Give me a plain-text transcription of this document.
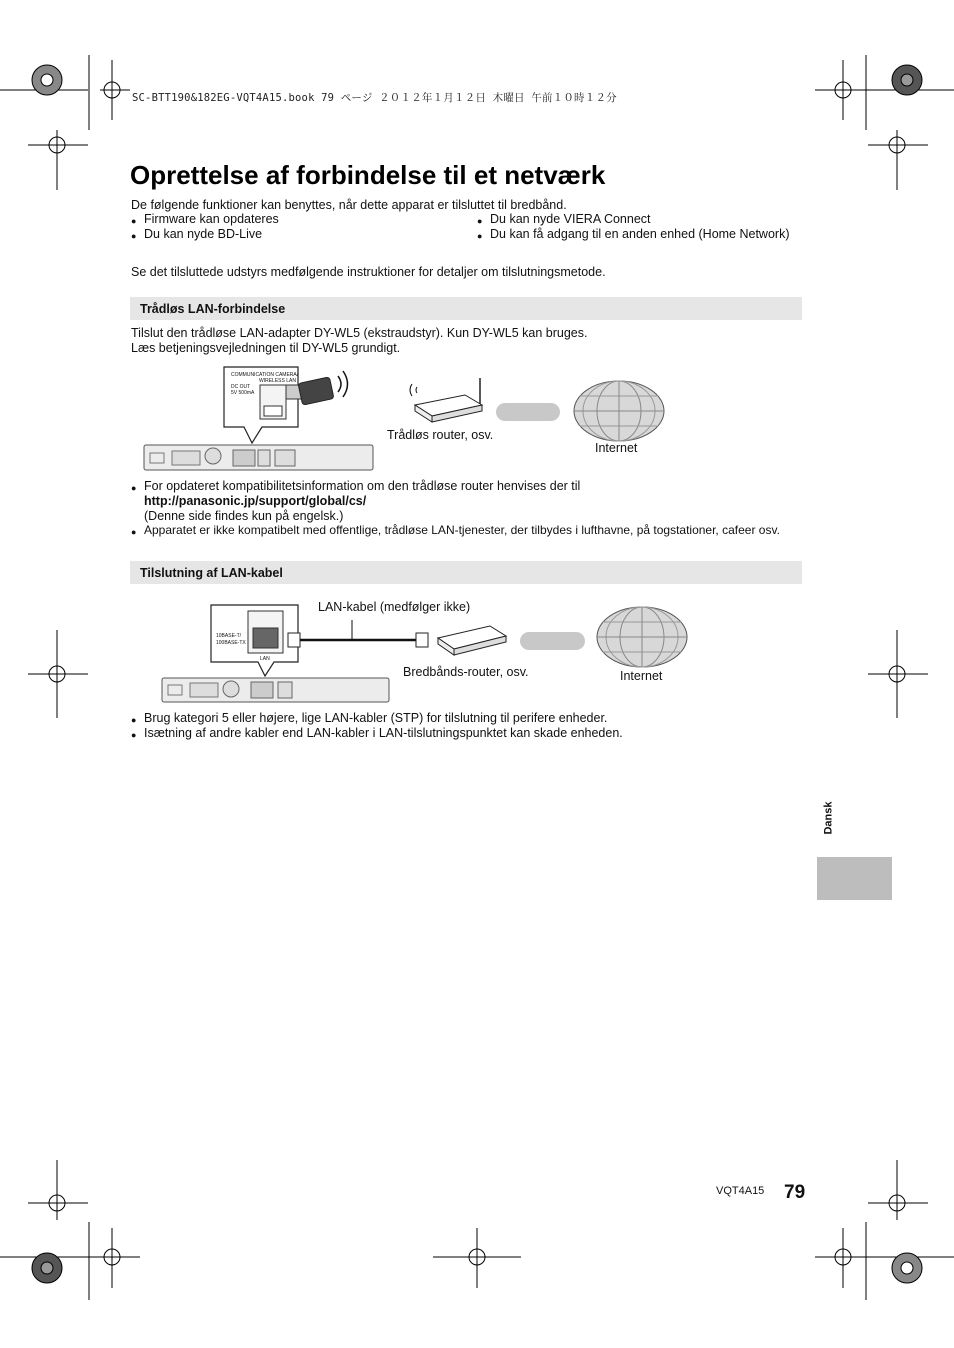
SC-BTT190&182EG-VQT4A15.book 79 ページ ２０１２年１月１２日 木曜日 午前１０時１２分
Oprettelse af forbindelse til et netværk
De følgende funktioner kan benyttes, når dette apparat er tilsluttet til bredbånd.
● Firmware kan opdateres
● Du kan nyde BD-Live
● Du kan nyde VIERA Connect
● Du kan få adgang til en anden enhed (Home Network)
Se det tilsluttede udstyrs medfølgende instruktioner for detaljer om tilslutningsmetode.
Trådløs LAN-forbindelse
Tilslut den trådløse LAN-adapter DY-WL5 (ekstraudstyr). Kun DY-WL5 kan bruges.
Læs betjeningsvejledningen til DY-WL5 grundigt.
COMMUNICATION CAMERA/
WIRELESS LAN
DC OUT
5V 500mA
Trådløs router, osv.
Internet
● For opdateret kompatibilitetsinformation om den trådløse router henvises der til
http://panasonic.jp/support/global/cs/
(Denne side findes kun på engelsk.)
● Apparatet er ikke kompatibelt med offentlige, trådløse LAN-tjenester, der tilbydes i lufthavne, på togstationer, cafeer osv.
Tilslutning af LAN-kabel
10BASE-T/
100BASE-TX
LAN
LAN-kabel (medfølger ikke)
Bredbånds-router, osv.	Internet
● Brug kategori 5 eller højere, lige LAN-kabler (STP) for tilslutning til perifere enheder.
● Isætning af andre kabler end LAN-kabler i LAN-tilslutningspunktet kan skade enheden.
Dansk
VQT4A15 79
